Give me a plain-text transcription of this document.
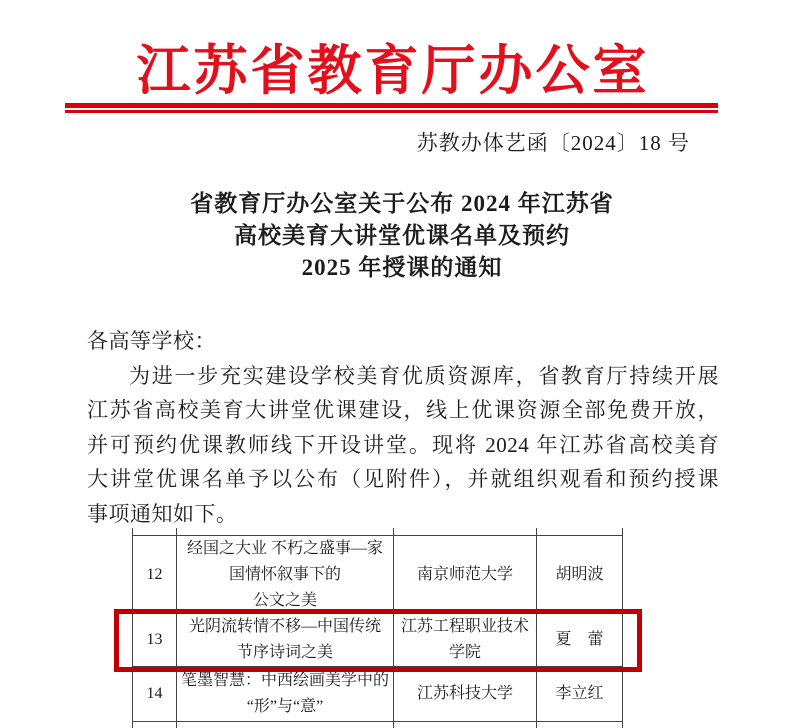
江苏省教育厅办公室
苏教办体艺函〔2024〕18 号
省教育厅办公室关于公布 2024 年江苏省
高校美育大讲堂优课名单及预约
2025 年授课的通知
各高等学校：
为进一步充实建设学校美育优质资源库，省教育厅持续开展
江苏省高校美育大讲堂优课建设，线上优课资源全部免费开放，
并可预约优课教师线下开设讲堂。现将 2024 年江苏省高校美育
大讲堂优课名单予以公布（见附件），并就组织观看和预约授课
事项通知如下。
12
经国之大业 不朽之盛事—家
国情怀叙事下的
公文之美
南京师范大学	胡明波
13
光阴流转情不移—中国传统
节序诗词之美
江苏工程职业技术
学院
夏　蕾
14
笔墨智慧：中西绘画美学中的
“形”与“意”
江苏科技大学	李立红
